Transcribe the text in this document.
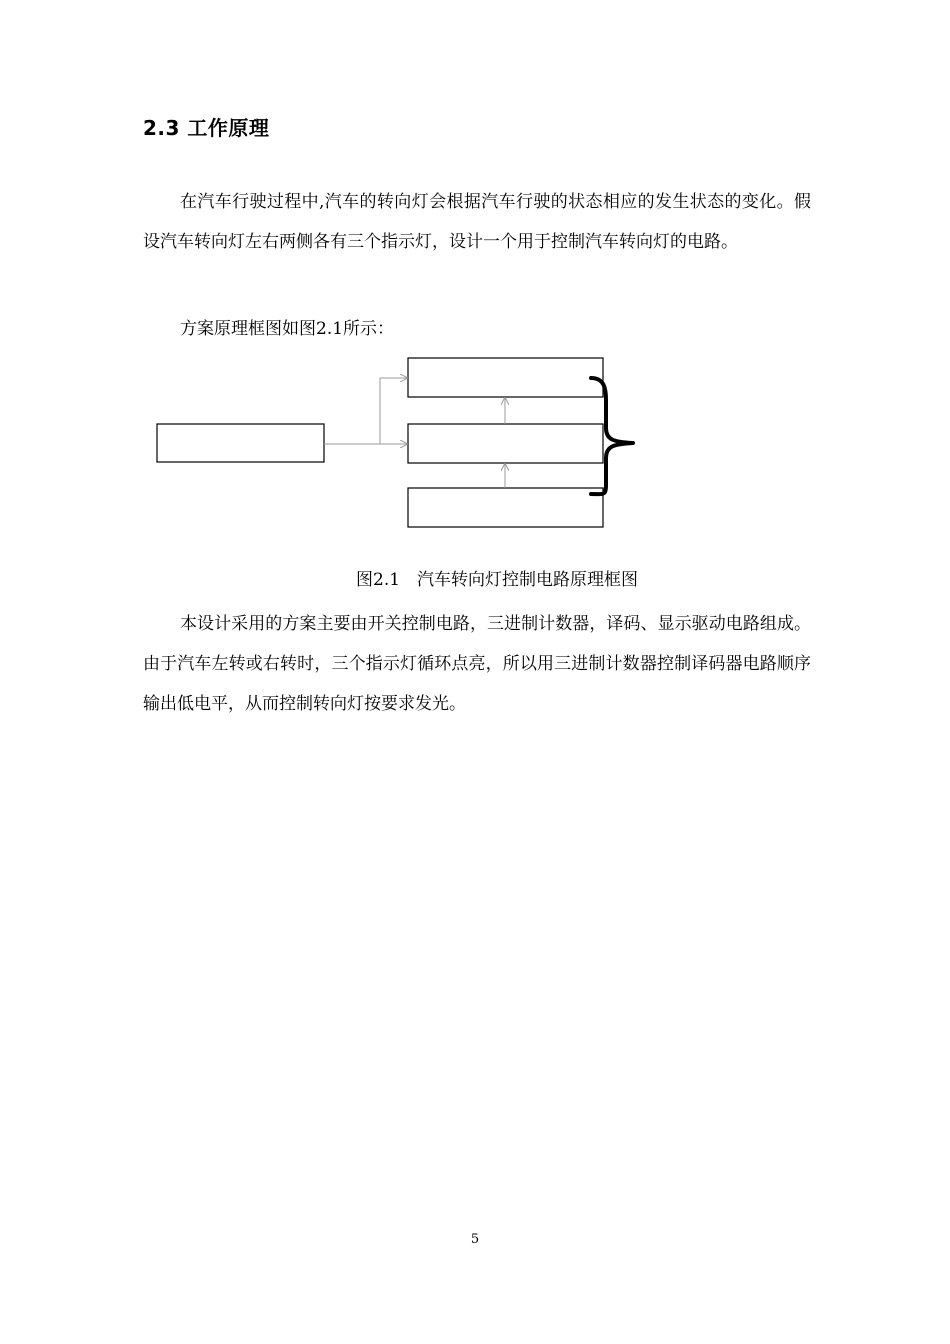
2.3 工作原理

在汽车行驶过程中,汽车的转向灯会根据汽车行驶的状态相应的发生状态的变化。假设汽车转向灯左右两侧各有三个指示灯，设计一个用于控制汽车转向灯的电路。

方案原理框图如图2.1所示：

图2.1　汽车转向灯控制电路原理框图

本设计采用的方案主要由开关控制电路，三进制计数器，译码、显示驱动电路组成。由于汽车左转或右转时，三个指示灯循环点亮，所以用三进制计数器控制译码器电路顺序输出低电平，从而控制转向灯按要求发光。

5
